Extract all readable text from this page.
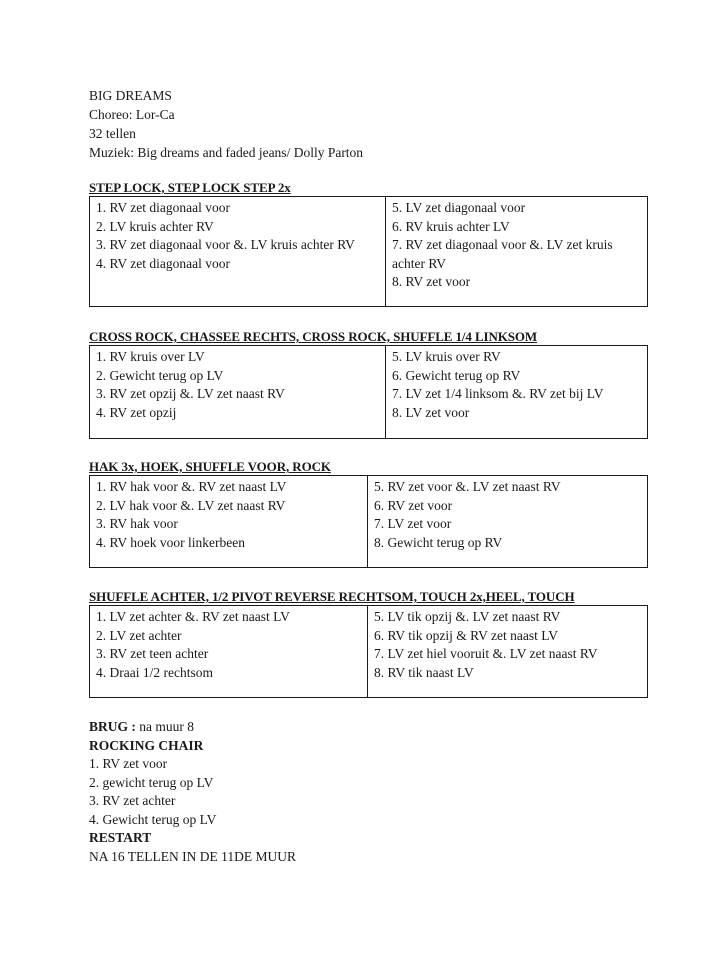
BIG DREAMS
Choreo: Lor-Ca
32 tellen
Muziek: Big dreams and faded jeans/ Dolly Parton
STEP LOCK, STEP LOCK STEP 2x
1. RV zet diagonaal voor
2. LV kruis achter RV
3. RV zet diagonaal voor &. LV kruis achter RV
4. RV zet diagonaal voor

5. LV zet diagonaal voor
6. RV kruis achter LV
7. RV zet diagonaal voor &. LV zet kruis achter RV
8. RV zet voor
CROSS ROCK, CHASSEE RECHTS, CROSS ROCK, SHUFFLE 1/4 LINKSOM
1. RV kruis over LV
2. Gewicht terug op LV
3. RV zet opzij &. LV zet naast RV
4. RV zet opzij

5. LV kruis over RV
6. Gewicht terug op RV
7. LV zet 1/4 linksom &. RV zet bij LV
8. LV zet voor
HAK 3x, HOEK, SHUFFLE VOOR, ROCK
1. RV hak voor &. RV zet naast LV
2. LV hak voor &. LV zet naast RV
3. RV hak voor
4. RV hoek voor linkerbeen

5. RV zet voor &. LV zet naast RV
6. RV zet voor
7. LV zet voor
8. Gewicht terug op RV
SHUFFLE ACHTER, 1/2 PIVOT REVERSE RECHTSOM, TOUCH 2x,HEEL, TOUCH
1. LV zet achter &. RV zet naast LV
2. LV zet achter
3. RV zet teen achter
4. Draai 1/2 rechtsom

5. LV tik opzij &. LV zet naast RV
6. RV tik opzij & RV zet naast LV
7. LV zet hiel vooruit &. LV zet naast RV
8. RV tik naast LV
BRUG : na muur 8
ROCKING CHAIR
1. RV zet voor
2. gewicht terug op LV
3. RV zet achter
4. Gewicht terug op LV
RESTART
NA 16 TELLEN IN DE 11DE MUUR
